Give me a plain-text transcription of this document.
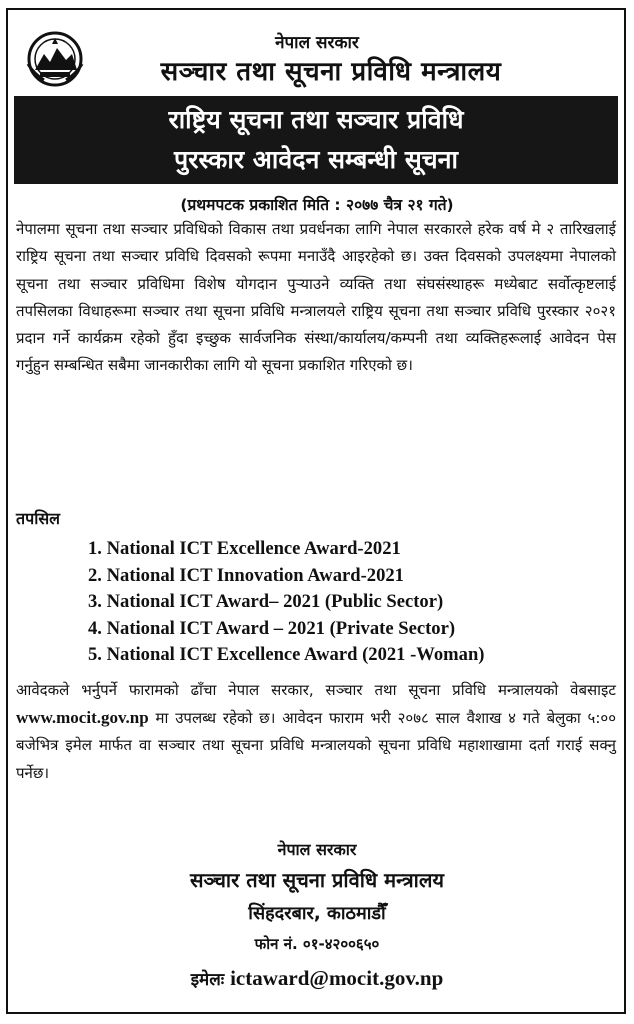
नेपाल सरकार
सञ्चार तथा सूचना प्रविधि मन्त्रालय
राष्ट्रिय सूचना तथा सञ्चार प्रविधि
पुरस्कार आवेदन सम्बन्धी सूचना
(प्रथमपटक प्रकाशित मिति : २०७७ चैत्र २१ गते)
नेपालमा सूचना तथा सञ्चार प्रविधिको विकास तथा प्रवर्धनका लागि नेपाल सरकारले हरेक वर्ष मे २ तारिखलाई राष्ट्रिय सूचना तथा सञ्चार प्रविधि दिवसको रूपमा मनाउँदै आइरहेको छ। उक्त दिवसको उपलक्ष्यमा नेपालको सूचना तथा सञ्चार प्रविधिमा विशेष योगदान पुऱ्याउने व्यक्ति तथा संघसंस्थाहरू मध्येबाट सर्वोत्कृष्टलाई तपसिलका विधाहरूमा सञ्चार तथा सूचना प्रविधि मन्त्रालयले राष्ट्रिय सूचना तथा सञ्चार प्रविधि पुरस्कार २०२१ प्रदान गर्ने कार्यक्रम रहेको हुँदा इच्छुक सार्वजनिक संस्था/कार्यालय/कम्पनी तथा व्यक्तिहरूलाई आवेदन पेस गर्नुहुन सम्बन्धित सबैमा जानकारीका लागि यो सूचना प्रकाशित गरिएको छ।
तपसिल
1. National ICT Excellence Award-2021
2. National ICT Innovation Award-2021
3. National ICT Award– 2021 (Public Sector)
4. National ICT Award – 2021 (Private Sector)
5. National ICT Excellence Award (2021 -Woman)
आवेदकले भर्नुपर्ने फारामको ढाँचा नेपाल सरकार, सञ्चार तथा सूचना प्रविधि मन्त्रालयको वेबसाइट www.mocit.gov.np मा उपलब्ध रहेको छ। आवेदन फाराम भरी २०७८ साल वैशाख ४ गते बेलुका ५:०० बजेभित्र इमेल मार्फत वा सञ्चार तथा सूचना प्रविधि मन्त्रालयको सूचना प्रविधि महाशाखामा दर्ता गराई सक्नु पर्नेछ।
नेपाल सरकार
सञ्चार तथा सूचना प्रविधि मन्त्रालय
सिंहदरबार, काठमाडौँ
फोन नं. ०१-४२००६५०
इमेलः ictaward@mocit.gov.np
